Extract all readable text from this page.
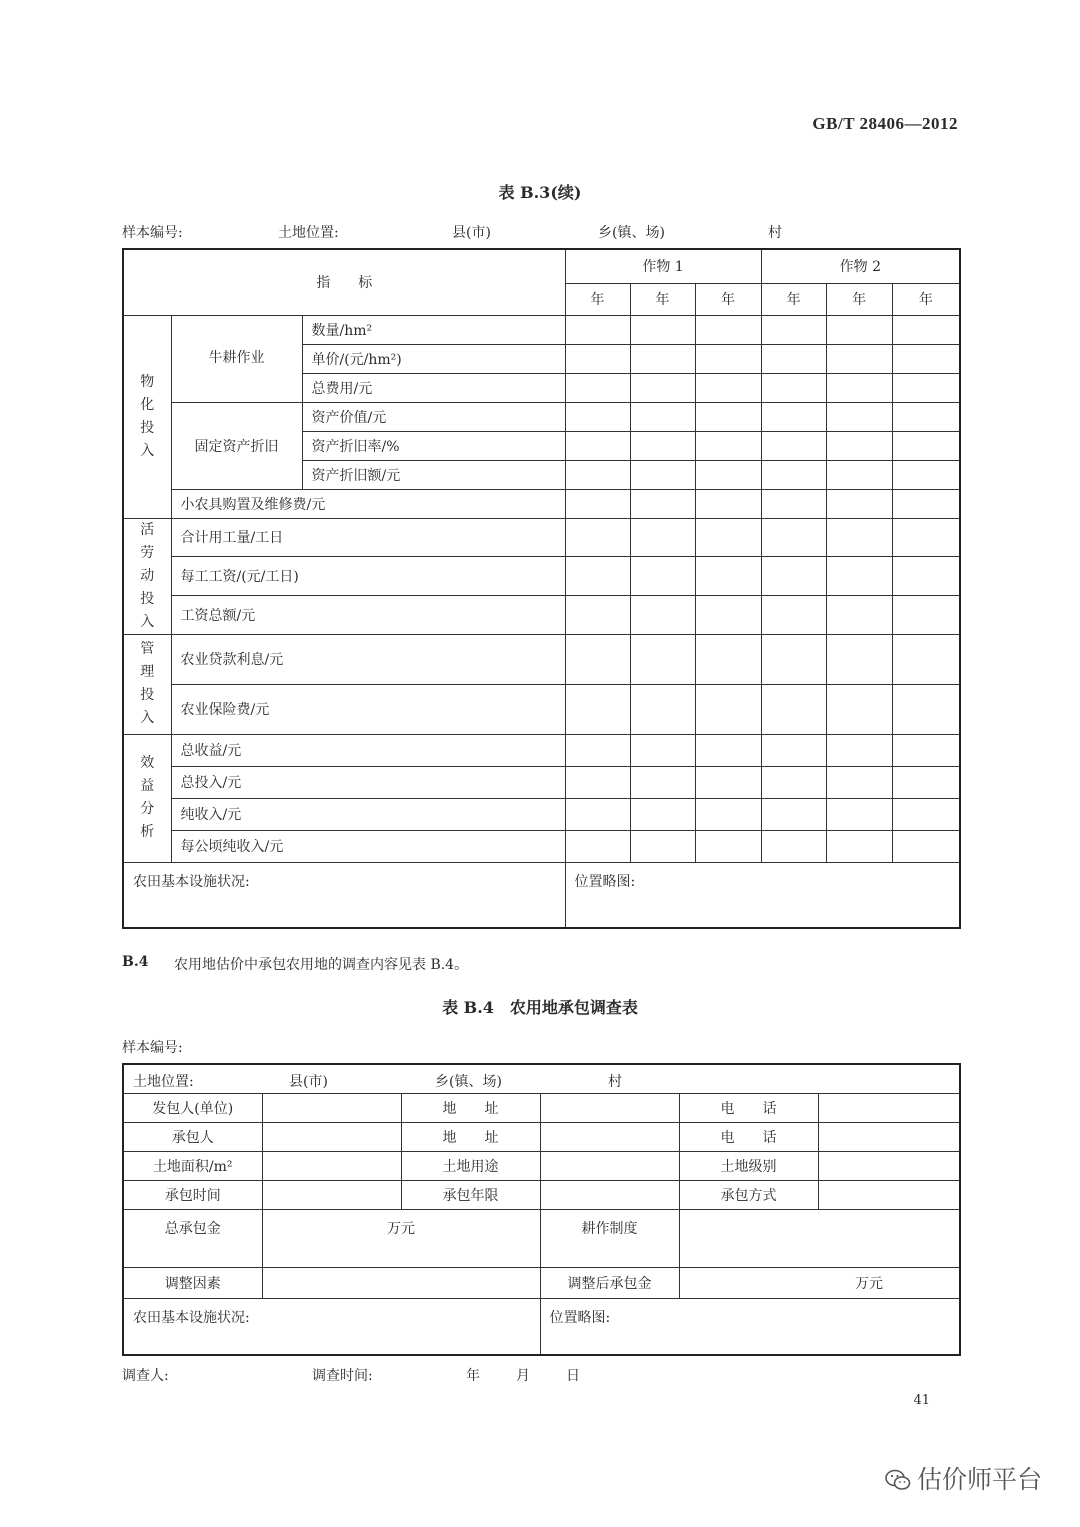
GB/T 28406—2012
表 B.3(续)
样本编号:	土地位置:	县(市)	乡(镇、场)	村
指　　标			作物 1			作物 2		
			年	年	年	年	年	年
物化投入	牛耕作业	数量/hm²						
		单价/(元/hm²)						
		总费用/元						
	固定资产折旧	资产价值/元						
		资产折旧率/%						
		资产折旧额/元						
	小农具购置及维修费/元							
活劳动投入	合计用工量/工日							
	每工工资/(元/工日)							
	工资总额/元							
管理投入	农业贷款利息/元							
	农业保险费/元							
效益分析	总收益/元							
	总投入/元							
	纯收入/元							
	每公顷纯收入/元							
农田基本设施状况:			位置略图:					
B.4 农用地估价中承包农用地的调查内容见表 B.4。
表 B.4　农用地承包调查表
样本编号:
土地位置: 县(市) 乡(镇、场) 村					

发包人(单位)		地　　址		电　　话	
承包人		地　　址		电　　话	
土地面积/m²		土地用途		土地级别	
承包时间		承包年限		承包方式	
总承包金	万元		耕作制度		
调整因素			调整后承包金	万元	
农田基本设施状况:			位置略图:		
调查人:	调查时间:	年	月	日
41
估价师平台
